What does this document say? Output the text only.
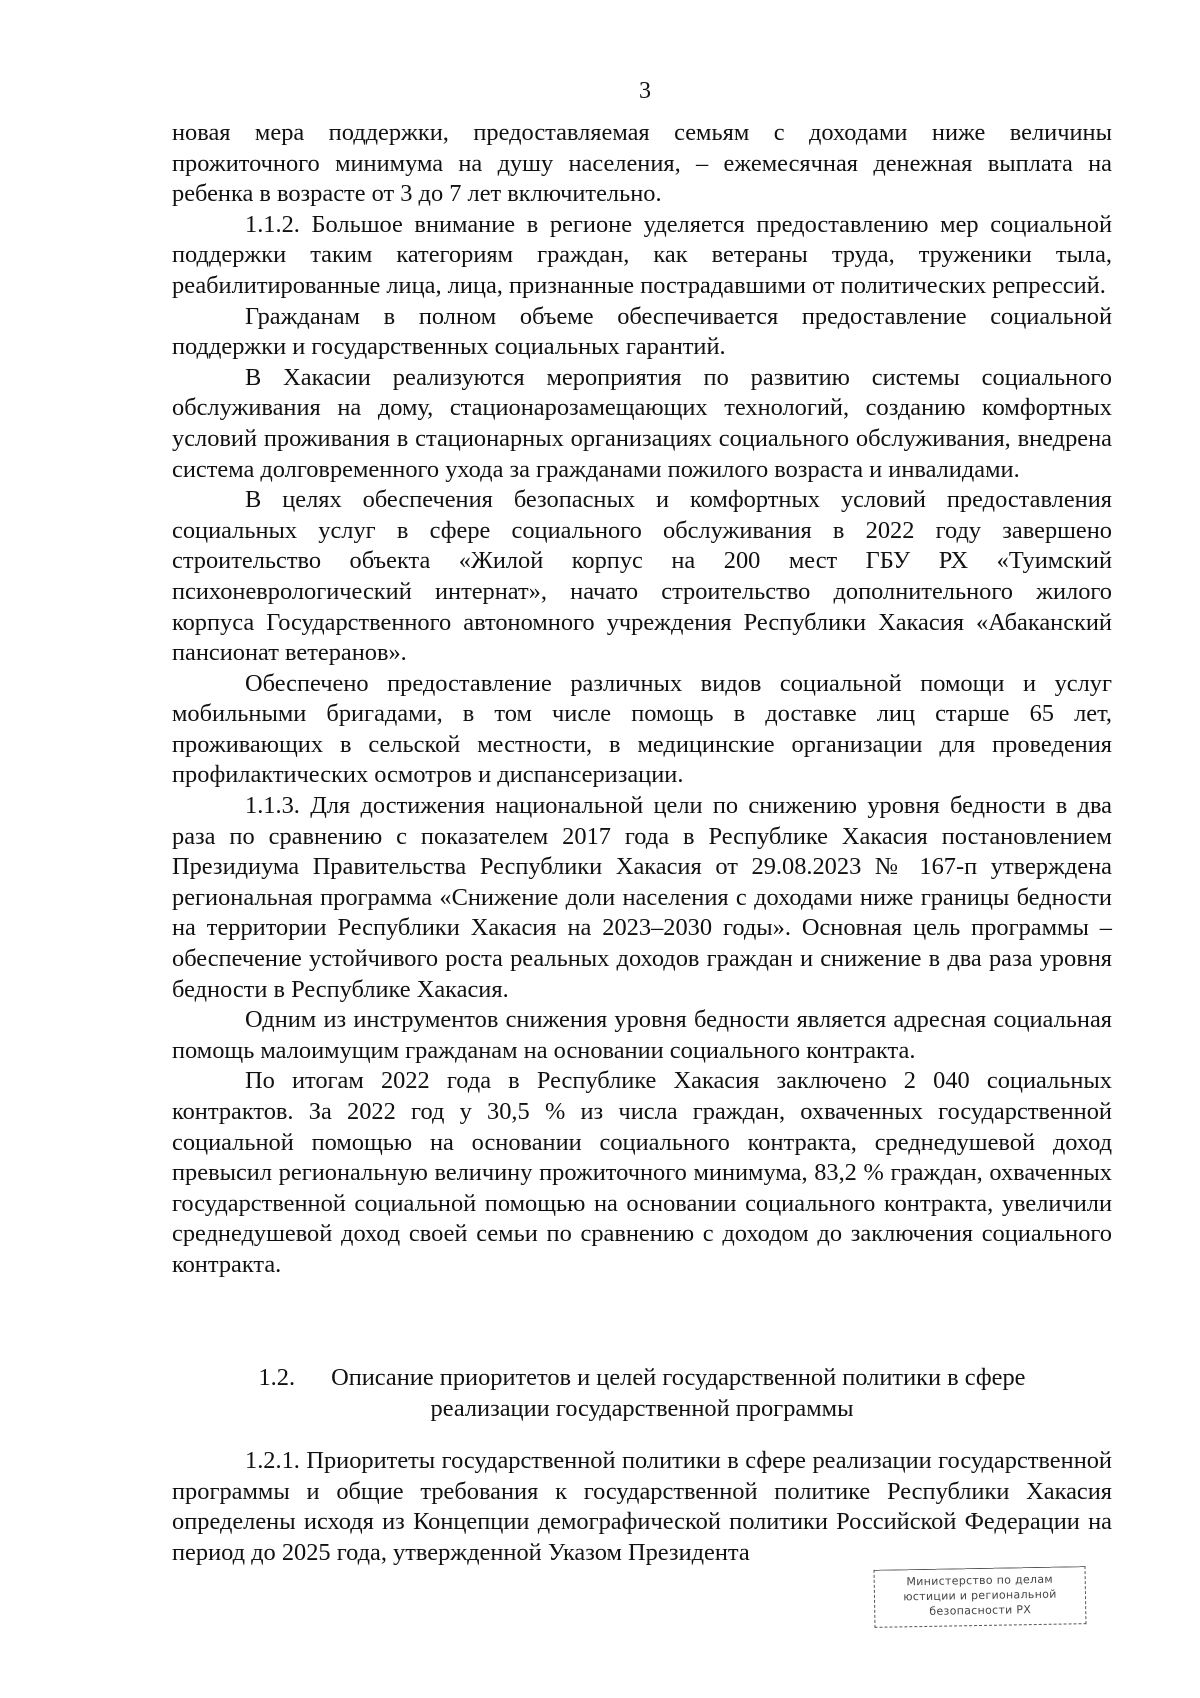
3

новая мера поддержки, предоставляемая семьям с доходами ниже величины прожиточного минимума на душу населения, – ежемесячная денежная выплата на ребенка в возрасте от 3 до 7 лет включительно.

1.1.2. Большое внимание в регионе уделяется предоставлению мер социальной поддержки таким категориям граждан, как ветераны труда, труженики тыла, реабилитированные лица, лица, признанные пострадавшими от политических репрессий.

Гражданам в полном объеме обеспечивается предоставление социальной поддержки и государственных социальных гарантий.

В Хакасии реализуются мероприятия по развитию системы социального обслуживания на дому, стационарозамещающих технологий, созданию комфортных условий проживания в стационарных организациях социального обслуживания, внедрена система долговременного ухода за гражданами пожилого возраста и инвалидами.

В целях обеспечения безопасных и комфортных условий предоставления социальных услуг в сфере социального обслуживания в 2022 году завершено строительство объекта «Жилой корпус на 200 мест ГБУ РХ «Туимский психоневрологический интернат», начато строительство дополнительного жилого корпуса Государственного автономного учреждения Республики Хакасия «Абаканский пансионат ветеранов».

Обеспечено предоставление различных видов социальной помощи и услуг мобильными бригадами, в том числе помощь в доставке лиц старше 65 лет, проживающих в сельской местности, в медицинские организации для проведения профилактических осмотров и диспансеризации.

1.1.3. Для достижения национальной цели по снижению уровня бедности в два раза по сравнению с показателем 2017 года в Республике Хакасия постановлением Президиума Правительства Республики Хакасия от 29.08.2023 № 167-п утверждена региональная программа «Снижение доли населения с доходами ниже границы бедности на территории Республики Хакасия на 2023–2030 годы». Основная цель программы – обеспечение устойчивого роста реальных доходов граждан и снижение в два раза уровня бедности в Республике Хакасия.

Одним из инструментов снижения уровня бедности является адресная социальная помощь малоимущим гражданам на основании социального контракта.

По итогам 2022 года в Республике Хакасия заключено 2 040 социальных контрактов. За 2022 год у 30,5 % из числа граждан, охваченных государственной социальной помощью на основании социального контракта, среднедушевой доход превысил региональную величину прожиточного минимума, 83,2 % граждан, охваченных государственной социальной помощью на основании социального контракта, увеличили среднедушевой доход своей семьи по сравнению с доходом до заключения социального контракта.

1.2. Описание приоритетов и целей государственной политики в сфере
реализации государственной программы

1.2.1. Приоритеты государственной политики в сфере реализации государственной программы и общие требования к государственной политике Республики Хакасия определены исходя из Концепции демографической политики Российской Федерации на период до 2025 года, утвержденной Указом Президента

Министерство по делам
юстиции и региональной
безопасности РХ
